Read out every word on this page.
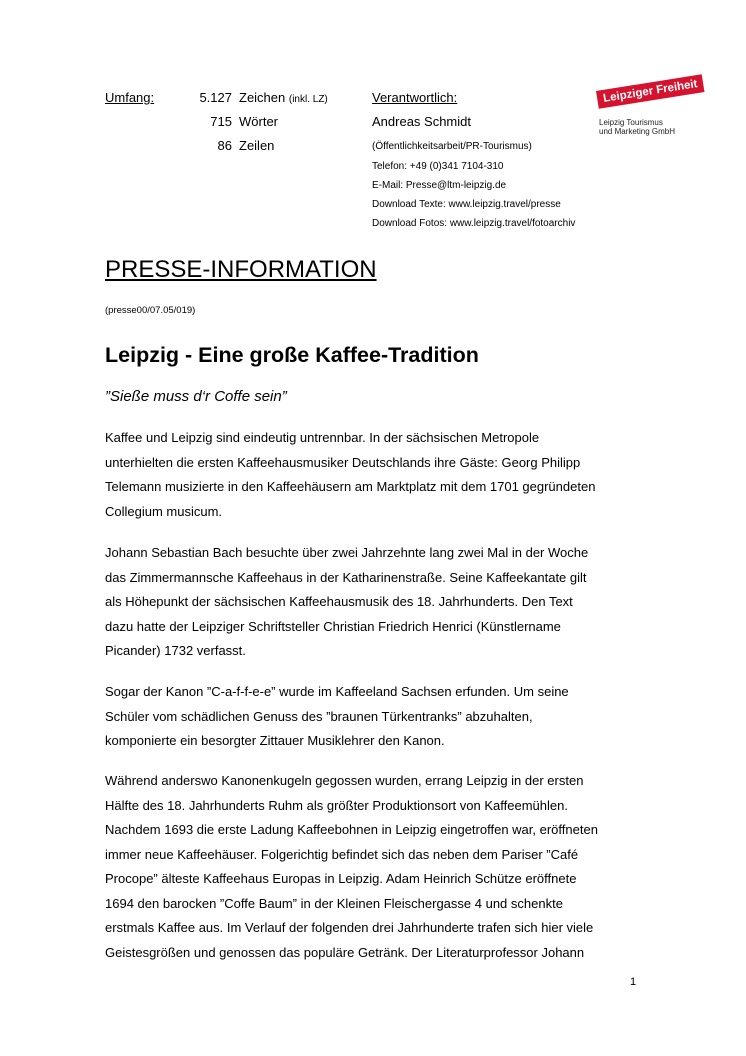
Umfang:	5.127 Zeichen (inkl. LZ)
715 Wörter
86 Zeilen
Verantwortlich:
Andreas Schmidt
(Öffentlichkeitsarbeit/PR-Tourismus)
Telefon: +49 (0)341 7104-310
E-Mail: Presse@ltm-leipzig.de
Download Texte: www.leipzig.travel/presse
Download Fotos: www.leipzig.travel/fotoarchiv
Leipziger Freiheit
Leipzig Tourismus
und Marketing GmbH
PRESSE-INFORMATION
(presse00/07.05/019)
Leipzig - Eine große Kaffee-Tradition
”Sieße muss d‘r Coffe sein”
Kaffee und Leipzig sind eindeutig untrennbar. In der sächsischen Metropole
unterhielten die ersten Kaffeehausmusiker Deutschlands ihre Gäste: Georg Philipp
Telemann musizierte in den Kaffeehäusern am Marktplatz mit dem 1701 gegründeten
Collegium musicum.
Johann Sebastian Bach besuchte über zwei Jahrzehnte lang zwei Mal in der Woche
das Zimmermannsche Kaffeehaus in der Katharinenstraße. Seine Kaffeekantate gilt
als Höhepunkt der sächsischen Kaffeehausmusik des 18. Jahrhunderts. Den Text
dazu hatte der Leipziger Schriftsteller Christian Friedrich Henrici (Künstlername
Picander) 1732 verfasst.
Sogar der Kanon ”C-a-f-f-e-e” wurde im Kaffeeland Sachsen erfunden. Um seine
Schüler vom schädlichen Genuss des ”braunen Türkentranks” abzuhalten,
komponierte ein besorgter Zittauer Musiklehrer den Kanon.
Während anderswo Kanonenkugeln gegossen wurden, errang Leipzig in der ersten
Hälfte des 18. Jahrhunderts Ruhm als größter Produktionsort von Kaffeemühlen.
Nachdem 1693 die erste Ladung Kaffeebohnen in Leipzig eingetroffen war, eröffneten
immer neue Kaffeehäuser. Folgerichtig befindet sich das neben dem Pariser ”Café
Procope” älteste Kaffeehaus Europas in Leipzig. Adam Heinrich Schütze eröffnete
1694 den barocken ”Coffe Baum” in der Kleinen Fleischergasse 4 und schenkte
erstmals Kaffee aus. Im Verlauf der folgenden drei Jahrhunderte trafen sich hier viele
Geistesgrößen und genossen das populäre Getränk. Der Literaturprofessor Johann
1
